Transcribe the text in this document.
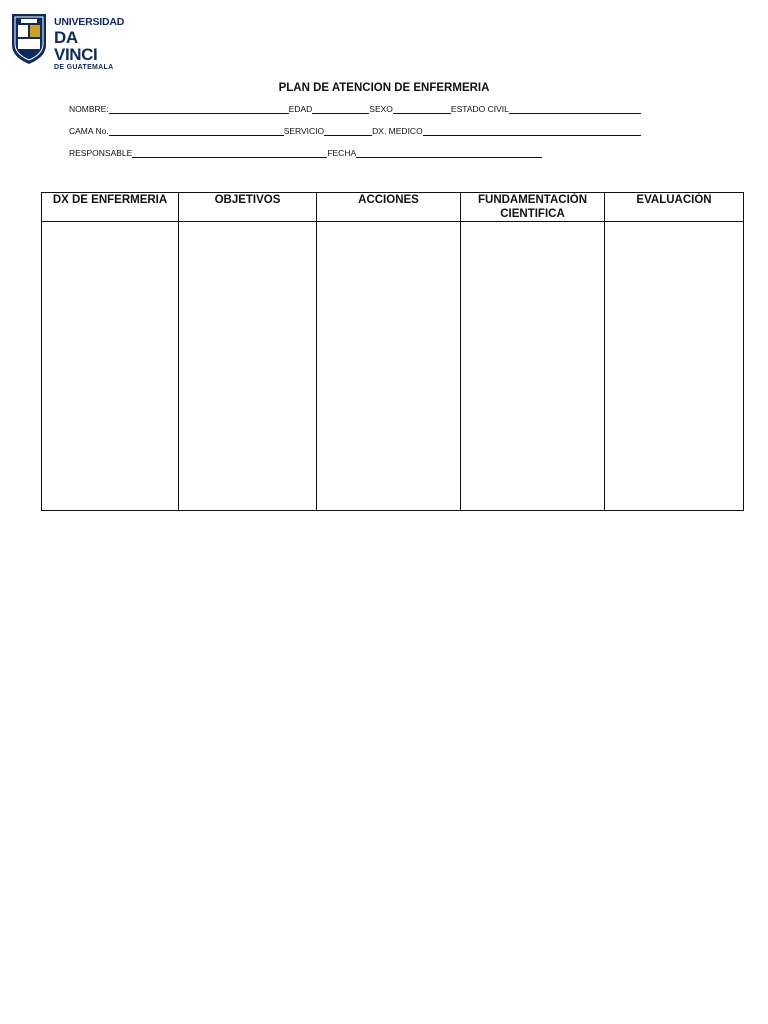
UNIVERSIDAD
DA VINCI
DE GUATEMALA
PLAN DE ATENCION DE ENFERMERIA
NOMBRE:	EDAD	SEXO	ESTADO CIVIL
CAMA No.	SERVICIO	DX. MEDICO
RESPONSABLE	FECHA
DX DE ENFERMERIA	OBJETIVOS	ACCIONES	FUNDAMENTACIÓN CIENTIFICA	EVALUACIÓN
